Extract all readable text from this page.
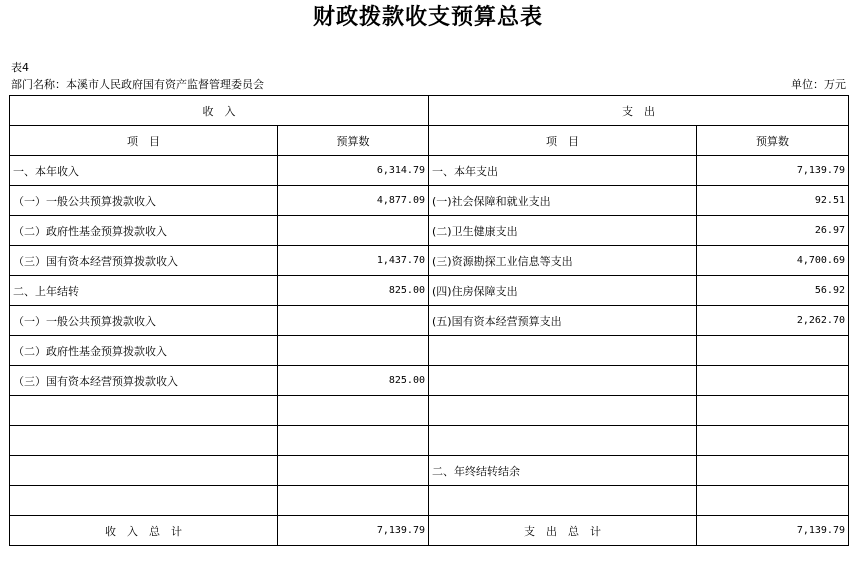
财政拨款收支预算总表
表4
部门名称：本溪市人民政府国有资产监督管理委员会	单位：万元
收　入		支　出	
项　目	预算数	项　目	预算数
一、本年收入	6,314.79	一、本年支出	7,139.79
（一）一般公共预算拨款收入	4,877.09	(一)社会保障和就业支出	92.51
（二）政府性基金预算拨款收入		(二)卫生健康支出	26.97
（三）国有资本经营预算拨款收入	1,437.70	(三)资源勘探工业信息等支出	4,700.69
二、上年结转	825.00	(四)住房保障支出	56.92
（一）一般公共预算拨款收入		(五)国有资本经营预算支出	2,262.70
（二）政府性基金预算拨款收入			
（三）国有资本经营预算拨款收入	825.00		

		二、年终结转结余	

收　入　总　计	7,139.79	支　出　总　计	7,139.79
